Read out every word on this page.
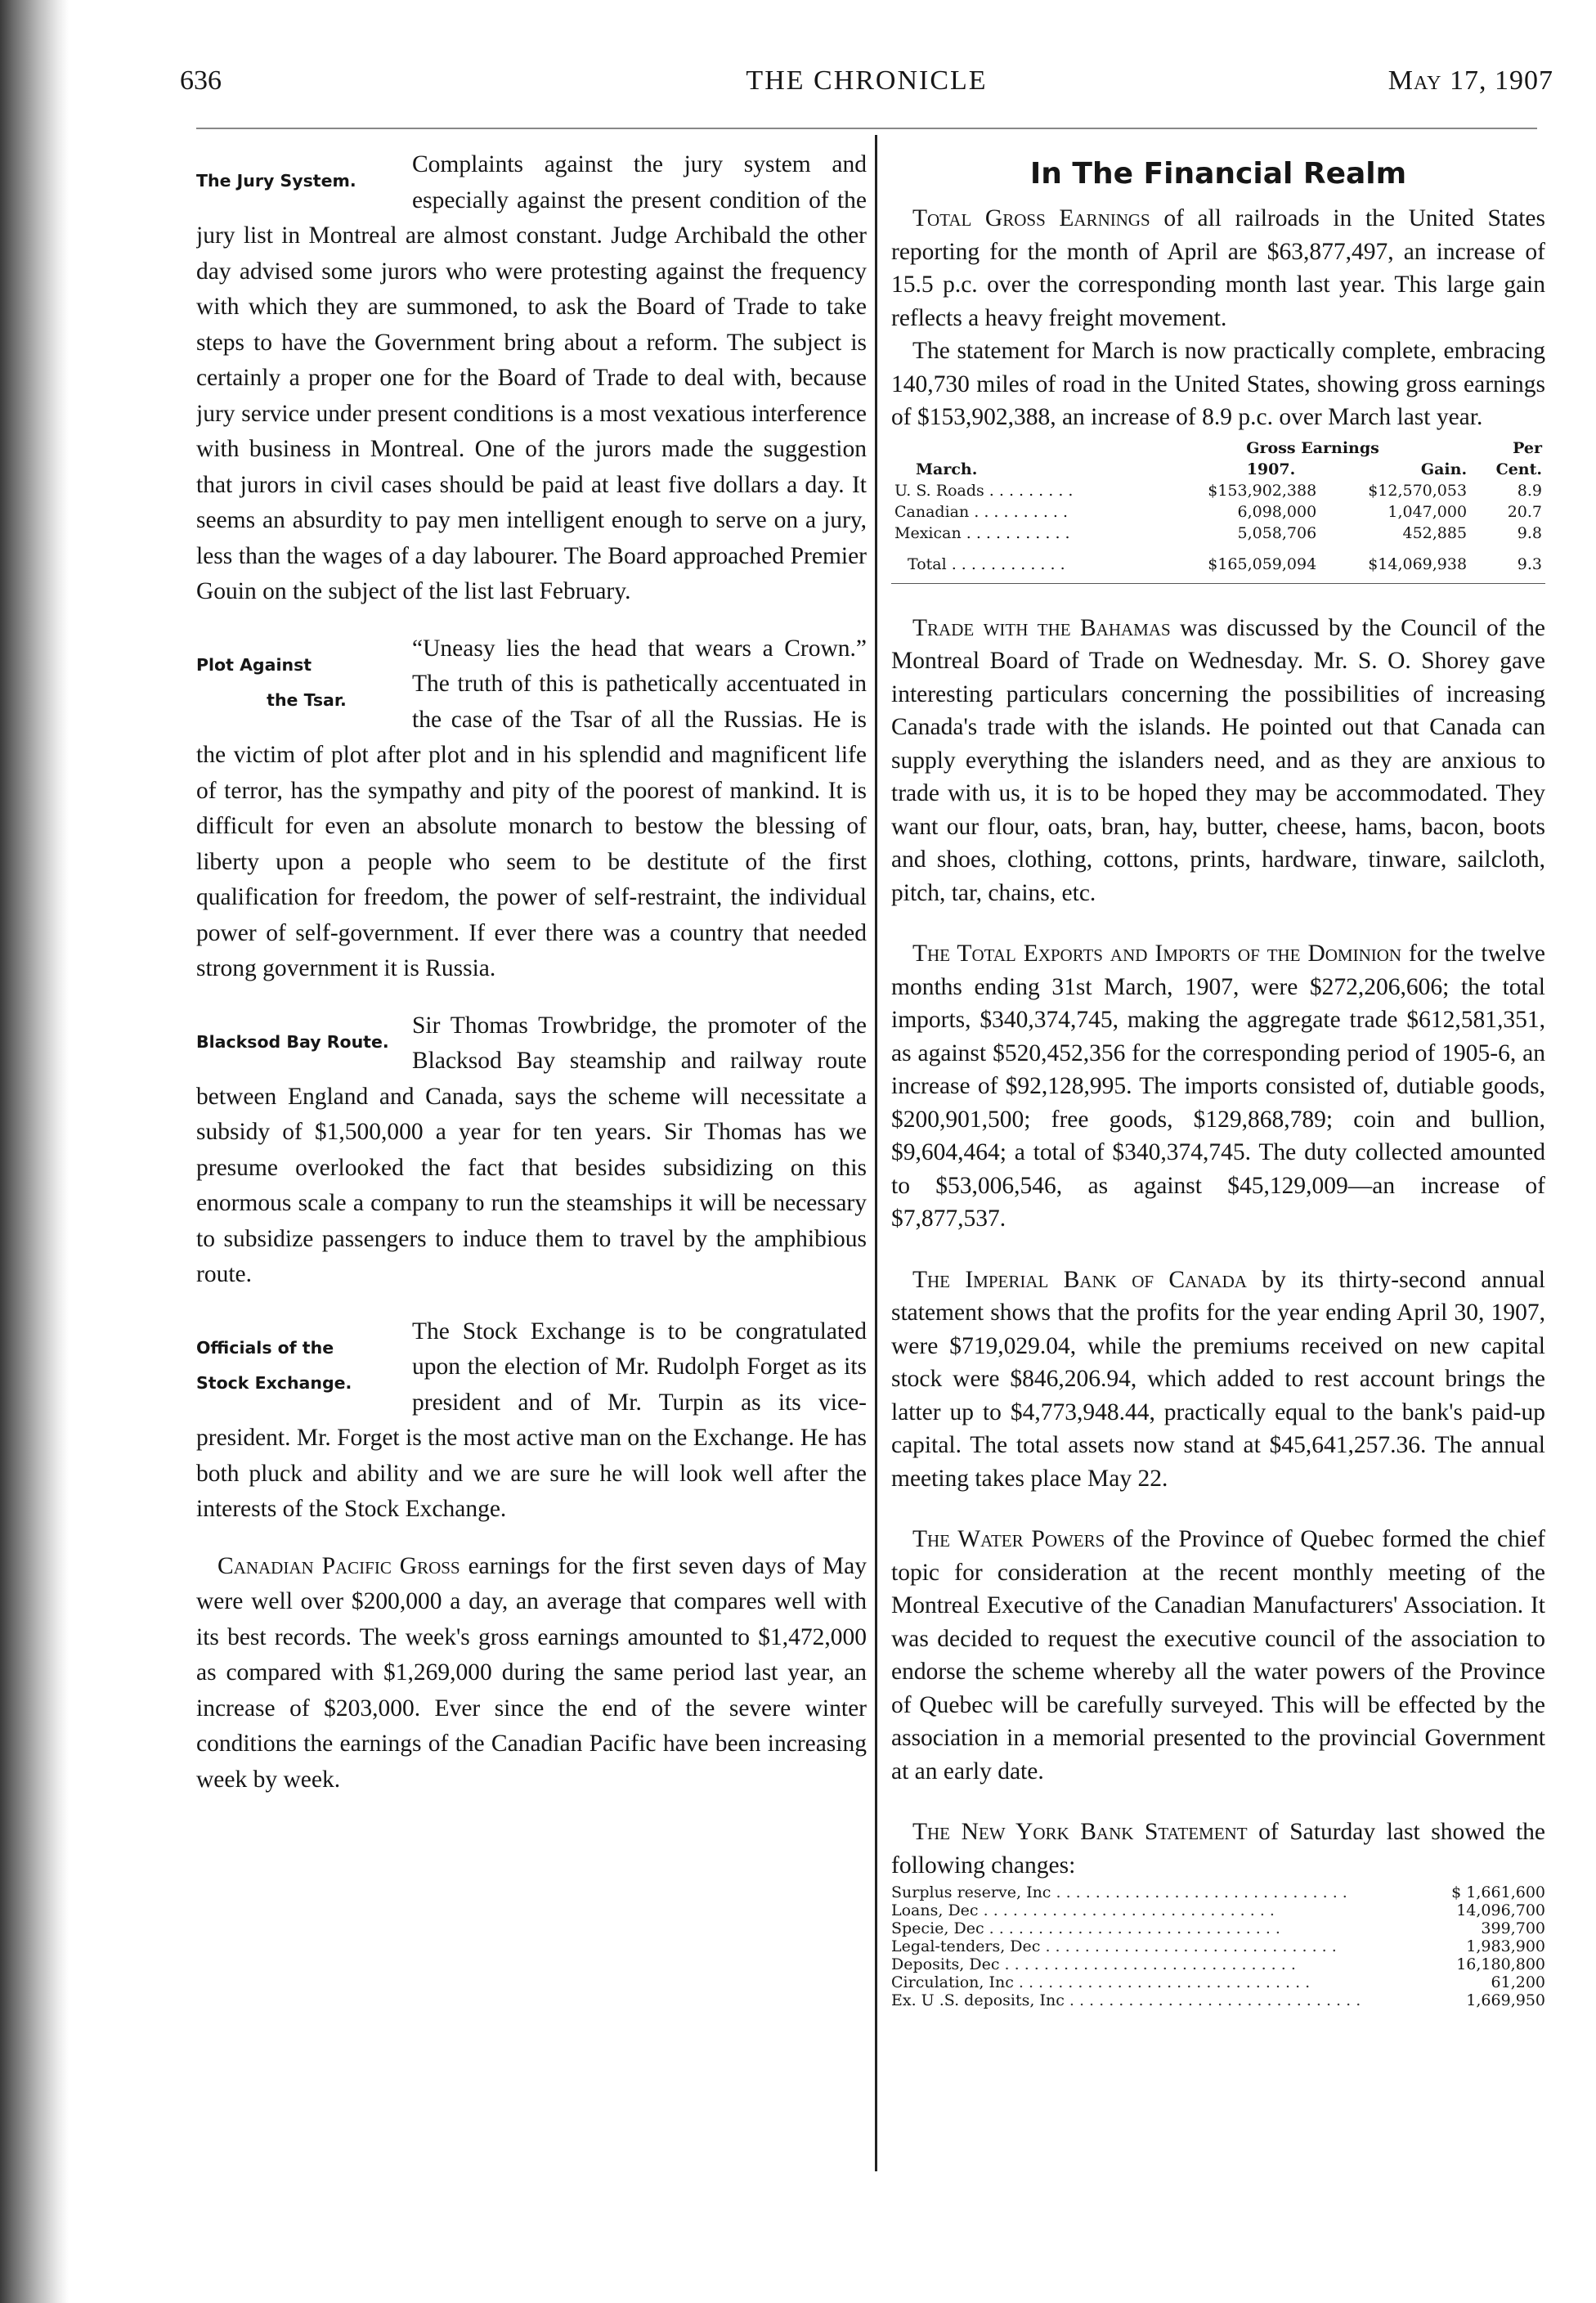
636	THE CHRONICLE	May 17, 1907
The Jury System.

Complaints against the jury system and especially against the present condition of the jury list in Montreal are almost constant. Judge Archibald the other day advised some jurors who were protesting against the frequency with which they are summoned, to ask the Board of Trade to take steps to have the Government bring about a reform. The subject is certainly a proper one for the Board of Trade to deal with, because jury service under present conditions is a most vexatious interference with business in Montreal. One of the jurors made the suggestion that jurors in civil cases should be paid at least five dollars a day. It seems an absurdity to pay men intelligent enough to serve on a jury, less than the wages of a day labourer. The Board approached Premier Gouin on the subject of the list last February.

Plot Against
the Tsar.

“Uneasy lies the head that wears a Crown.” The truth of this is pathetically accentuated in the case of the Tsar of all the Russias. He is the victim of plot after plot and in his splendid and magnificent life of terror, has the sympathy and pity of the poorest of mankind. It is difficult for even an absolute monarch to bestow the blessing of liberty upon a people who seem to be destitute of the first qualification for freedom, the power of self-restraint, the individual power of self-government. If ever there was a country that needed strong government it is Russia.

Blacksod Bay Route.

Sir Thomas Trowbridge, the promoter of the Blacksod Bay steamship and railway route between England and Canada, says the scheme will necessitate a subsidy of $1,500,000 a year for ten years. Sir Thomas has we presume overlooked the fact that besides subsidizing on this enormous scale a company to run the steamships it will be necessary to subsidize passengers to induce them to travel by the amphibious route.

Officials of the
Stock Exchange.

The Stock Exchange is to be congratulated upon the election of Mr. Rudolph Forget as its president and of Mr. Turpin as its vice-president. Mr. Forget is the most active man on the Exchange. He has both pluck and ability and we are sure he will look well after the interests of the Stock Exchange.

Canadian Pacific Gross earnings for the first seven days of May were well over $200,000 a day, an average that compares well with its best records. The week's gross earnings amounted to $1,472,000 as compared with $1,269,000 during the same period last year, an increase of $203,000. Ever since the end of the severe winter conditions the earnings of the Canadian Pacific have been increasing week by week.

In The Financial Realm

Total Gross Earnings of all railroads in the United States reporting for the month of April are $63,877,497, an increase of 15.5 p.c. over the corresponding month last year. This large gain reflects a heavy freight movement.

The statement for March is now practically complete, embracing 140,730 miles of road in the United States, showing gross earnings of $153,902,388, an increase of 8.9 p.c. over March last year.

	Gross Earnings		Per
March.	1907.	Gain.	Cent.
U. S. Roads . . . . . . . . .	$153,902,388	$12,570,053	8.9
Canadian . . . . . . . . . .	6,098,000	1,047,000	20.7
Mexican . . . . . . . . . . .	5,058,706	452,885	9.8
Total . . . . . . . . . . . .	$165,059,094	$14,069,938	9.3

Trade with the Bahamas was discussed by the Council of the Montreal Board of Trade on Wednesday. Mr. S. O. Shorey gave interesting particulars concerning the possibilities of increasing Canada's trade with the islands. He pointed out that Canada can supply everything the islanders need, and as they are anxious to trade with us, it is to be hoped they may be accommodated. They want our flour, oats, bran, hay, butter, cheese, hams, bacon, boots and shoes, clothing, cottons, prints, hardware, tinware, sailcloth, pitch, tar, chains, etc.

The Total Exports and Imports of the Dominion for the twelve months ending 31st March, 1907, were $272,206,606; the total imports, $340,374,745, making the aggregate trade $612,581,351, as against $520,452,356 for the corresponding period of 1905-6, an increase of $92,128,995. The imports consisted of, dutiable goods, $200,901,500; free goods, $129,868,789; coin and bullion, $9,604,464; a total of $340,374,745. The duty collected amounted to $53,006,546, as against $45,129,009—an increase of $7,877,537.

The Imperial Bank of Canada by its thirty-second annual statement shows that the profits for the year ending April 30, 1907, were $719,029.04, while the premiums received on new capital stock were $846,206.94, which added to rest account brings the latter up to $4,773,948.44, practically equal to the bank's paid-up capital. The total assets now stand at $45,641,257.36. The annual meeting takes place May 22.

The Water Powers of the Province of Quebec formed the chief topic for consideration at the recent monthly meeting of the Montreal Executive of the Canadian Manufacturers' Association. It was decided to request the executive council of the association to endorse the scheme whereby all the water powers of the Province of Quebec will be carefully surveyed. This will be effected by the association in a memorial presented to the provincial Government at an early date.

The New York Bank Statement of Saturday last showed the following changes:

Surplus reserve, Inc . . .	$ 1,661,600
Loans, Dec . . .	14,096,700
Specie, Dec . . .	399,700
Legal-tenders, Dec . . .	1,983,900
Deposits, Dec . . .	16,180,800
Circulation, Inc . . .	61,200
Ex. U .S. deposits, Inc . . .	1,669,950
